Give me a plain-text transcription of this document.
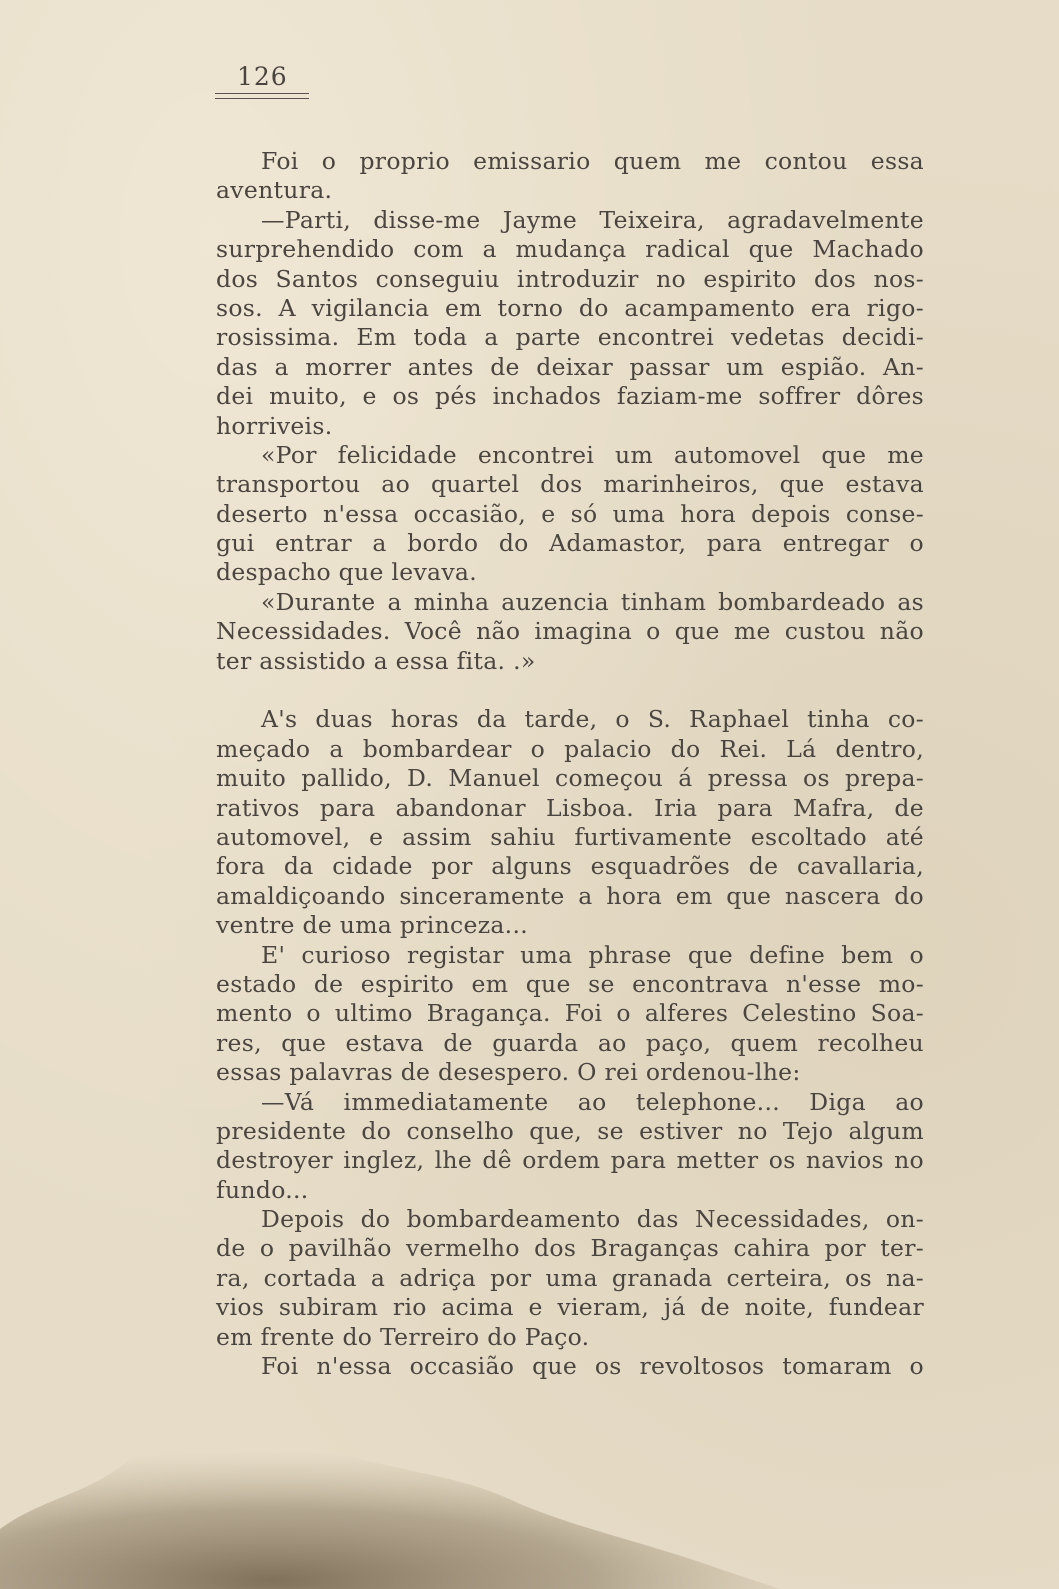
126
Foi o proprio emissario quem me contou essa
aventura.
—Parti, disse-me Jayme Teixeira, agradavelmente
surprehendido com a mudança radical que Machado
dos Santos conseguiu introduzir no espirito dos nos-
sos. A vigilancia em torno do acampamento era rigo-
rosissima. Em toda a parte encontrei vedetas decidi-
das a morrer antes de deixar passar um espião. An-
dei muito, e os pés inchados faziam-me soffrer dôres
horriveis.
«Por felicidade encontrei um automovel que me
transportou ao quartel dos marinheiros, que estava
deserto n'essa occasião, e só uma hora depois conse-
gui entrar a bordo do Adamastor, para entregar o
despacho que levava.
«Durante a minha auzencia tinham bombardeado as
Necessidades. Você não imagina o que me custou não
ter assistido a essa fita. .»
A's duas horas da tarde, o S. Raphael tinha co-
meçado a bombardear o palacio do Rei. Lá dentro,
muito pallido, D. Manuel começou á pressa os prepa-
rativos para abandonar Lisboa. Iria para Mafra, de
automovel, e assim sahiu furtivamente escoltado até
fora da cidade por alguns esquadrões de cavallaria,
amaldiçoando sinceramente a hora em que nascera do
ventre de uma princeza...
E' curioso registar uma phrase que define bem o
estado de espirito em que se encontrava n'esse mo-
mento o ultimo Bragança. Foi o alferes Celestino Soa-
res, que estava de guarda ao paço, quem recolheu
essas palavras de desespero. O rei ordenou-lhe:
—Vá immediatamente ao telephone... Diga ao
presidente do conselho que, se estiver no Tejo algum
destroyer inglez, lhe dê ordem para metter os navios no
fundo...
Depois do bombardeamento das Necessidades, on-
de o pavilhão vermelho dos Braganças cahira por ter-
ra, cortada a adriça por uma granada certeira, os na-
vios subiram rio acima e vieram, já de noite, fundear
em frente do Terreiro do Paço.
Foi n'essa occasião que os revoltosos tomaram o
